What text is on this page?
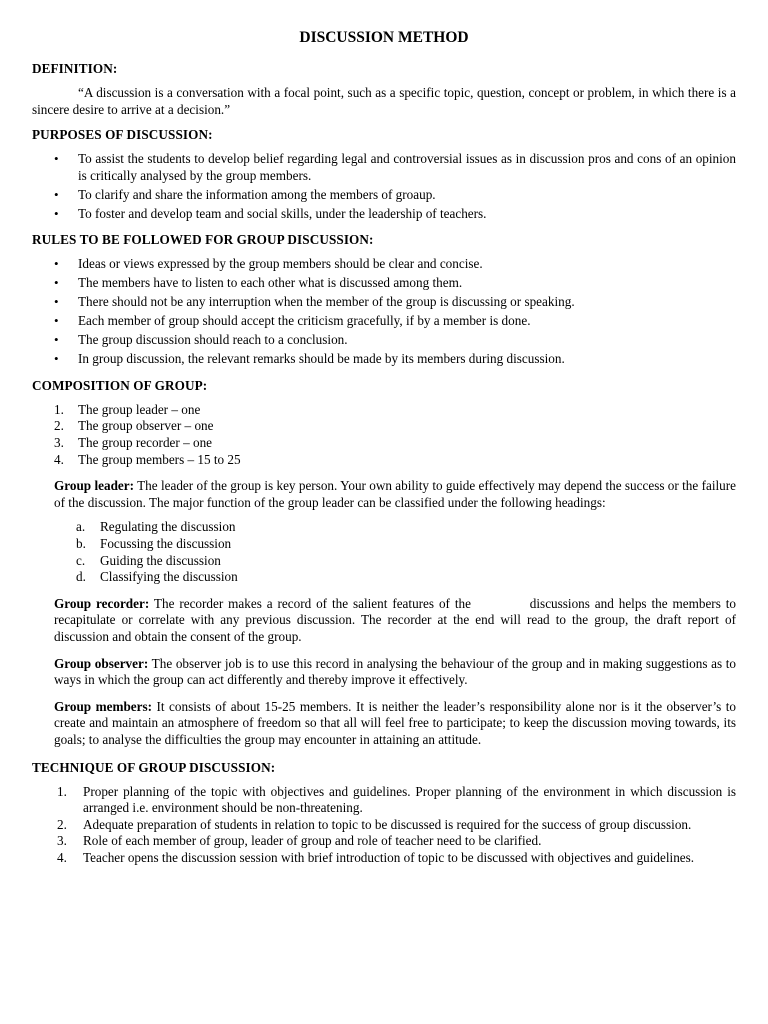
DISCUSSION METHOD
DEFINITION:

“A discussion is a conversation with a focal point, such as a specific topic, question, concept or problem, in which there is a sincere desire to arrive at a decision.”

PURPOSES OF DISCUSSION:
• To assist the students to develop belief regarding legal and controversial issues as in discussion pros and cons of an opinion is critically analysed by the group members.
• To clarify and share the information among the members of groaup.
• To foster and develop team and social skills, under the leadership of teachers.
RULES TO BE FOLLOWED FOR GROUP DISCUSSION:
• Ideas or views expressed by the group members should be clear and concise.
• The members have to listen to each other what is discussed among them.
• There should not be any interruption when the member of the group is discussing or speaking.
• Each member of group should accept the criticism gracefully, if by a member is done.
• The group discussion should reach to a conclusion.
• In group discussion, the relevant remarks should be made by its members during discussion.
COMPOSITION OF GROUP:
1. The group leader – one
2. The group observer – one
3. The group recorder – one
4. The group members – 15 to 25

Group leader: The leader of the group is key person. Your own ability to guide effectively may depend the success or the failure of the discussion. The major function of the group leader can be classified under the following headings:

a. Regulating the discussion
b. Focussing the discussion
c. Guiding the discussion
d. Classifying the discussion

Group recorder: The recorder makes a record of the salient features of the            discussions and helps the members to recapitulate or correlate with any previous discussion. The recorder at the end will read to the group, the draft report of discussion and obtain the consent of the group.

Group observer: The observer job is to use this record in analysing the behaviour of the group and in making suggestions as to ways in which the group can act differently and thereby improve it effectively.

Group members: It consists of about 15-25 members. It is neither the leader’s responsibility alone nor is it the observer’s to create and maintain an atmosphere of freedom so that all will feel free to participate; to keep the discussion moving towards, its goals; to analyse the difficulties the group may encounter in attaining an attitude.

TECHNIQUE OF GROUP DISCUSSION:
1. Proper planning of the topic with objectives and guidelines. Proper planning of the environment in which discussion is arranged i.e. environment should be non-threatening.
2. Adequate preparation of students in relation to topic to be discussed is required for the success of group discussion.
3. Role of each member of group, leader of group and role of teacher need to be clarified.
4. Teacher opens the discussion session with brief introduction of topic to be discussed with objectives and guidelines.
